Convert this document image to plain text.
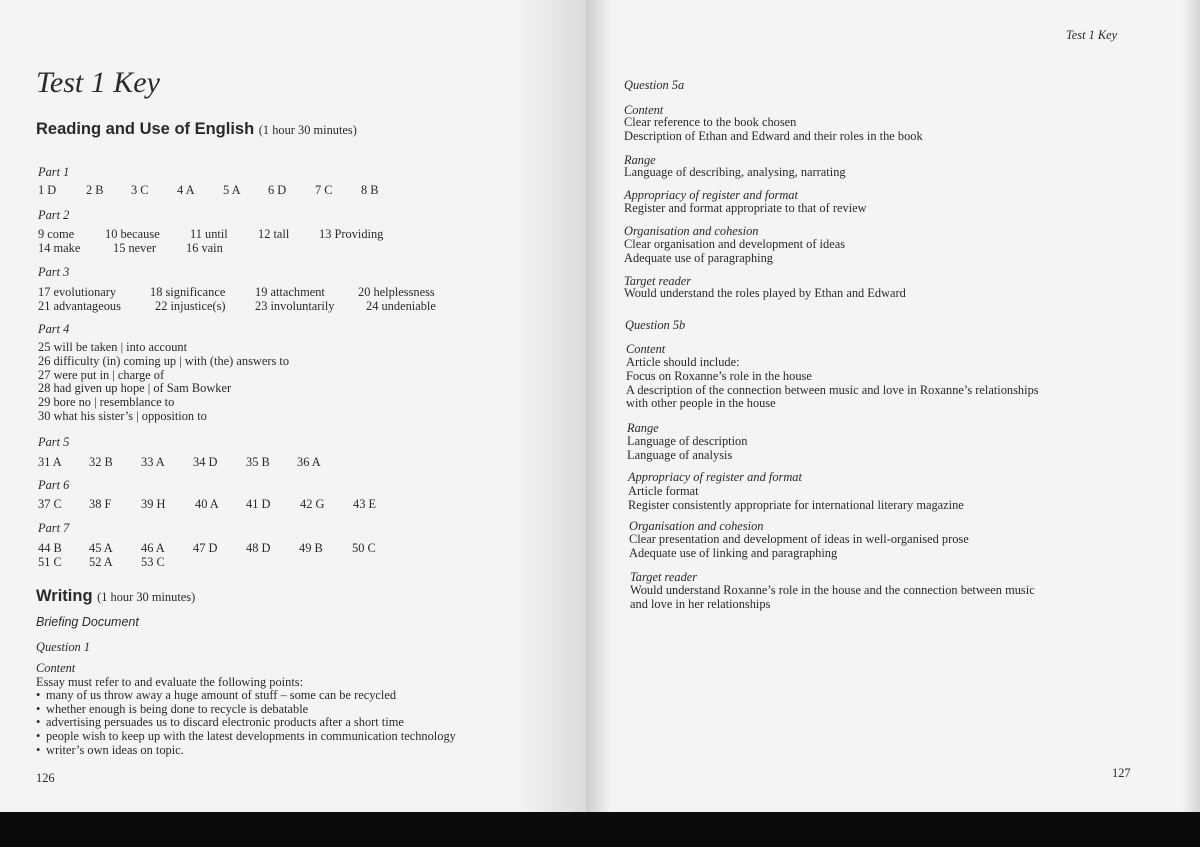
Test 1 Key
Reading and Use of English (1 hour 30 minutes)
Part 1
1 D 2 B 3 C 4 A 5 A 6 D 7 C 8 B
Part 2
9 come 10 because 11 until 12 tall 13 Providing
14 make	15 never 16 vain
Part 3
17 evolutionary	18 significance 19 attachment	20 helplessness
21 advantageous	22 injustice(s) 23 involuntarily	24 undeniable
Part 4
25 will be taken | into account
26 difficulty (in) coming up | with (the) answers to
27 were put in | charge of
28 had given up hope | of Sam Bowker
29 bore no | resemblance to
30 what his sister’s | opposition to
Part 5
31 A 32 B 33 A 34 D 35 B 36 A
Part 6
37 C 38 F 39 H 40 A 41 D 42 G 43 E
Part 7
44 B 45 A 46 A 47 D 48 D 49 B 50 C
51 C 52 A 53 C
Writing (1 hour 30 minutes)
Briefing Document
Question 1
Content
Essay must refer to and evaluate the following points:
• many of us throw away a huge amount of stuff – some can be recycled
• whether enough is being done to recycle is debatable
• advertising persuades us to discard electronic products after a short time
• people wish to keep up with the latest developments in communication technology
• writer’s own ideas on topic.
126
Test 1 Key
Question 5a
Content
Clear reference to the book chosen
Description of Ethan and Edward and their roles in the book
Range
Language of describing, analysing, narrating
Appropriacy of register and format
Register and format appropriate to that of review
Organisation and cohesion
Clear organisation and development of ideas
Adequate use of paragraphing
Target reader
Would understand the roles played by Ethan and Edward
Question 5b
Content
Article should include:
Focus on Roxanne’s role in the house
A description of the connection between music and love in Roxanne’s relationships
with other people in the house
Range
Language of description
Language of analysis
Appropriacy of register and format
Article format
Register consistently appropriate for international literary magazine
Organisation and cohesion
Clear presentation and development of ideas in well-organised prose
Adequate use of linking and paragraphing
Target reader
Would understand Roxanne’s role in the house and the connection between music
and love in her relationships
127
